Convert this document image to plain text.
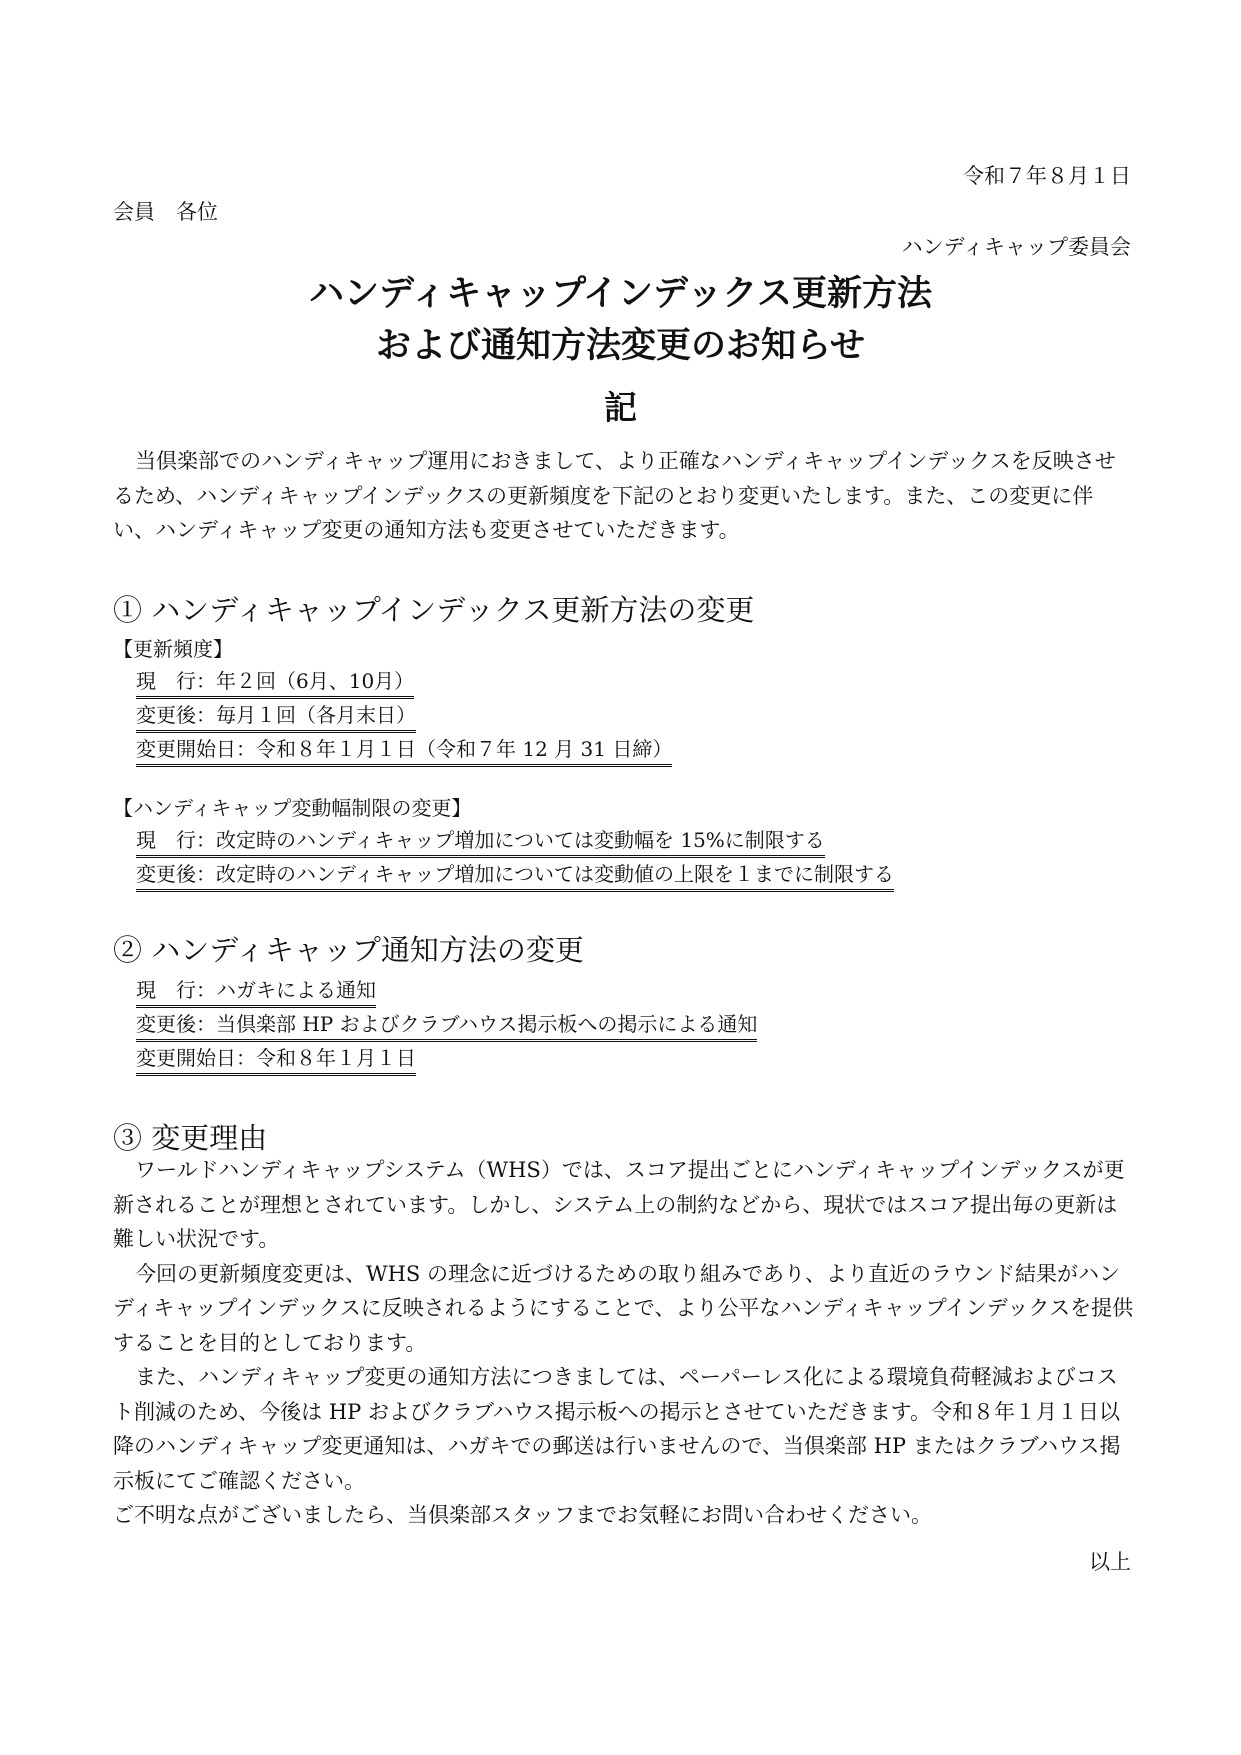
令和７年８月１日
会員　各位
ハンディキャップ委員会
ハンディキャップインデックス更新方法
および通知方法変更のお知らせ
記
当倶楽部でのハンディキャップ運用におきまして、より正確なハンディキャップインデックスを反映させるため、ハンディキャップインデックスの更新頻度を下記のとおり変更いたします。また、この変更に伴い、ハンディキャップ変更の通知方法も変更させていただきます。
① ハンディキャップインデックス更新方法の変更
【更新頻度】
現　行：年２回（6月、10月）
変更後：毎月１回（各月末日）
変更開始日：令和８年１月１日（令和７年 12 月 31 日締）
【ハンディキャップ変動幅制限の変更】
現　行：改定時のハンディキャップ増加については変動幅を 15%に制限する
変更後：改定時のハンディキャップ増加については変動値の上限を１までに制限する
② ハンディキャップ通知方法の変更
現　行：ハガキによる通知
変更後：当倶楽部 HP およびクラブハウス掲示板への掲示による通知
変更開始日：令和８年１月１日
③ 変更理由

ワールドハンディキャップシステム（WHS）では、スコア提出ごとにハンディキャップインデックスが更新されることが理想とされています。しかし、システム上の制約などから、現状ではスコア提出毎の更新は難しい状況です。

今回の更新頻度変更は、WHS の理念に近づけるための取り組みであり、より直近のラウンド結果がハンディキャップインデックスに反映されるようにすることで、より公平なハンディキャップインデックスを提供することを目的としております。

また、ハンディキャップ変更の通知方法につきましては、ペーパーレス化による環境負荷軽減およびコスト削減のため、今後は HP およびクラブハウス掲示板への掲示とさせていただきます。令和８年１月１日以降のハンディキャップ変更通知は、ハガキでの郵送は行いませんので、当倶楽部 HP またはクラブハウス掲示板にてご確認ください。

ご不明な点がございましたら、当倶楽部スタッフまでお気軽にお問い合わせください。

以上
